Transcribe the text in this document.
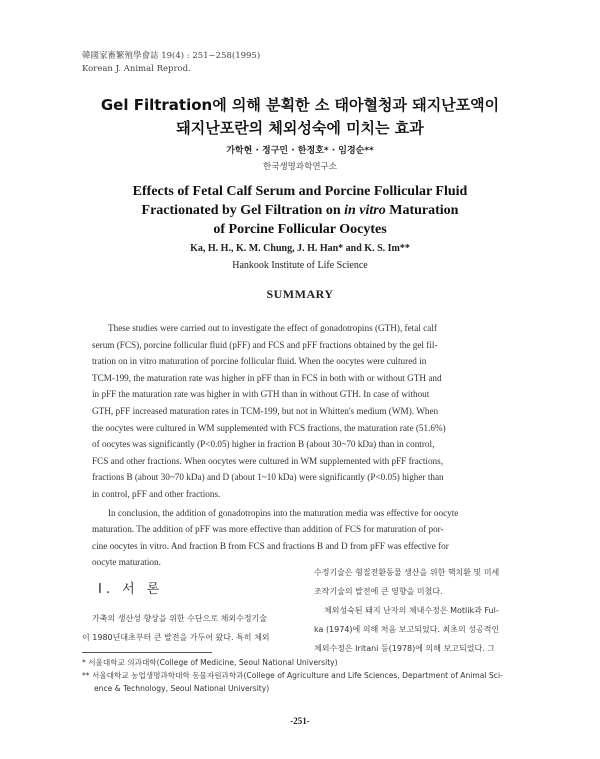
韓國家畜繁殖學會誌 19(4) : 251~258(1995)
Korean J. Animal Reprod.
Gel Filtration에 의해 분획한 소 태아혈청과 돼지난포액이
돼지난포란의 체외성숙에 미치는 효과
가학현 · 정구민 · 한정호* · 임경순**
한국생명과학연구소
Effects of Fetal Calf Serum and Porcine Follicular Fluid
Fractionated by Gel Filtration on in vitro Maturation
of Porcine Follicular Oocytes
Ka, H. H., K. M. Chung, J. H. Han* and K. S. Im**
Hankook Institute of Life Science
SUMMARY
These studies were carried out to investigate the effect of gonadotropins (GTH), fetal calf
serum (FCS), porcine follicular fluid (pFF) and FCS and pFF fractions obtained by the gel fil-
tration on in vitro maturation of porcine follicular fluid. When the oocytes were cultured in
TCM-199, the maturation rate was higher in pFF than in FCS in both with or without GTH and
in pFF the maturation rate was higher in with GTH than in without GTH. In case of without
GTH, pFF increased maturation rates in TCM-199, but not in Whitten's medium (WM). When
the oocytes were cultured in WM supplemented with FCS fractions, the maturation rate (51.6%)
of oocytes was significantly (P<0.05) higher in fraction B (about 30~70 kDa) than in control,
FCS and other fractions. When oocytes were cultured in WM supplemented with pFF fractions,
fractions B (about 30~70 kDa) and D (about 1~10 kDa) were significantly (P<0.05) higher than
in control, pFF and other fractions.
In conclusion, the addition of gonadotropins into the maturation media was effective for oocyte
maturation. The addition of pFF was more effective than addition of FCS for maturation of por-
cine oocytes in vitro. And fraction B from FCS and fractions B and D from pFF was effective for
oocyte maturation.
I. 서 론
가축의 생산성 향상을 위한 수단으로 체외수정기술
이 1980년대초부터 큰 발전을 가두어 왔다. 특히 체외
수정기술은 형질전환동물 생산을 위한 핵치환 및 미세
조작기술의 발전에 큰 영향을 미쳤다.
체외성숙된 돼지 난자의 체내수정은 Motlik과 Ful-
ka (1974)에 의해 처음 보고되었다. 최초의 성공적인
체외수정은 Iritani 등(1978)에 의해 보고되었다. 그
* 서울대학교 의과대학(College of Medicine, Seoul National University)
** 서울대학교 농업생명과학대학 동물자원과학과(College of Agriculture and Life Sciences, Department of Animal Sci-
ence & Technology, Seoul National University)
-251-
